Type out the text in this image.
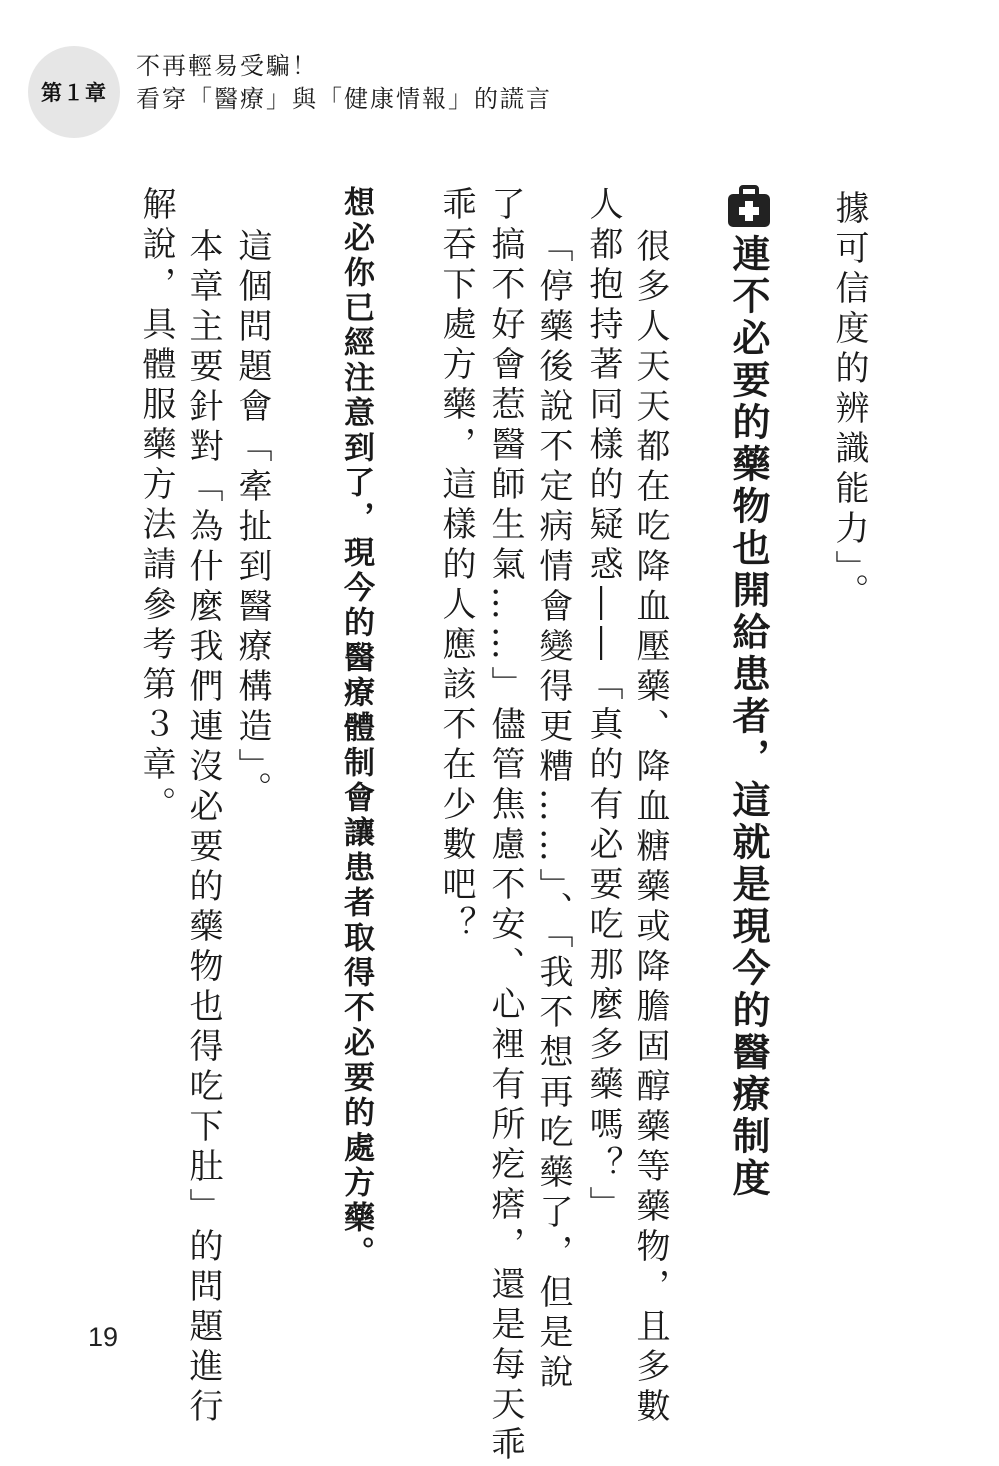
第１章
不再輕易受騙！
看穿「醫療」與「健康情報」的謊言
據可信度的辨識能力」。
連不必要的藥物也開給患者，這就是現今的醫療制度
很多人天天都在吃降血壓藥、降血糖藥或降膽固醇藥等藥物，且多數
人都抱持著同樣的疑惑――「真的有必要吃那麼多藥嗎？」
「停藥後說不定病情會變得更糟……」、「我不想再吃藥了，但是說
了搞不好會惹醫師生氣……」儘管焦慮不安、心裡有所疙瘩，還是每天乖
乖吞下處方藥，這樣的人應該不在少數吧？
想必你已經注意到了，現今的醫療體制會讓患者取得不必要的處方藥。
這個問題會「牽扯到醫療構造」。
本章主要針對「為什麼我們連沒必要的藥物也得吃下肚」的問題進行
解說，具體服藥方法請參考第３章。
19
